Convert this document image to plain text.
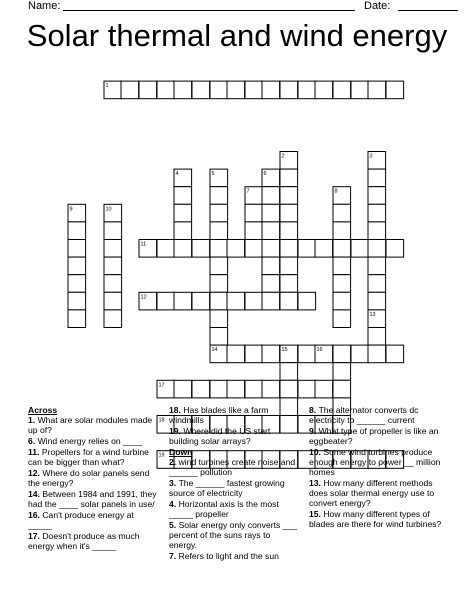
Name:	Date:
Solar thermal and wind energy
1
2	3
4	5	6
7	8
9	10
11
12
13
14	15	16
17
18
19
Across
1. What are solar modules made up of?
6. Wind energy relies on ____
11. Propellers for a wind turbine can be bigger than what?
12. Where do solar panels send the energy?
14. Between 1984 and 1991, they had the ____ solar panels in use/
16. Can't produce energy at _____
17. Doesn't produce as much energy when it's _____
18. Has blades like a farm windmills
19. Where did the US start building solar arrays?
Down
2. wind turbines create noise and ______ pollution
3. The ______ fastest growing source of electricity
4. Horizontal axis is the most _____ propeller
5. Solar energy only converts ___ percent of the suns rays to energy.
7. Refers to light and the sun
8. The alternator converts dc electricity to ______ current
9. What type of propeller is like an eggbeater?
10. Some wind turbines produce enough energy to power __ million homes
13. How many different methods does solar thermal energy use to convert energy?
15. How many different types of blades are there for wind turbines?
